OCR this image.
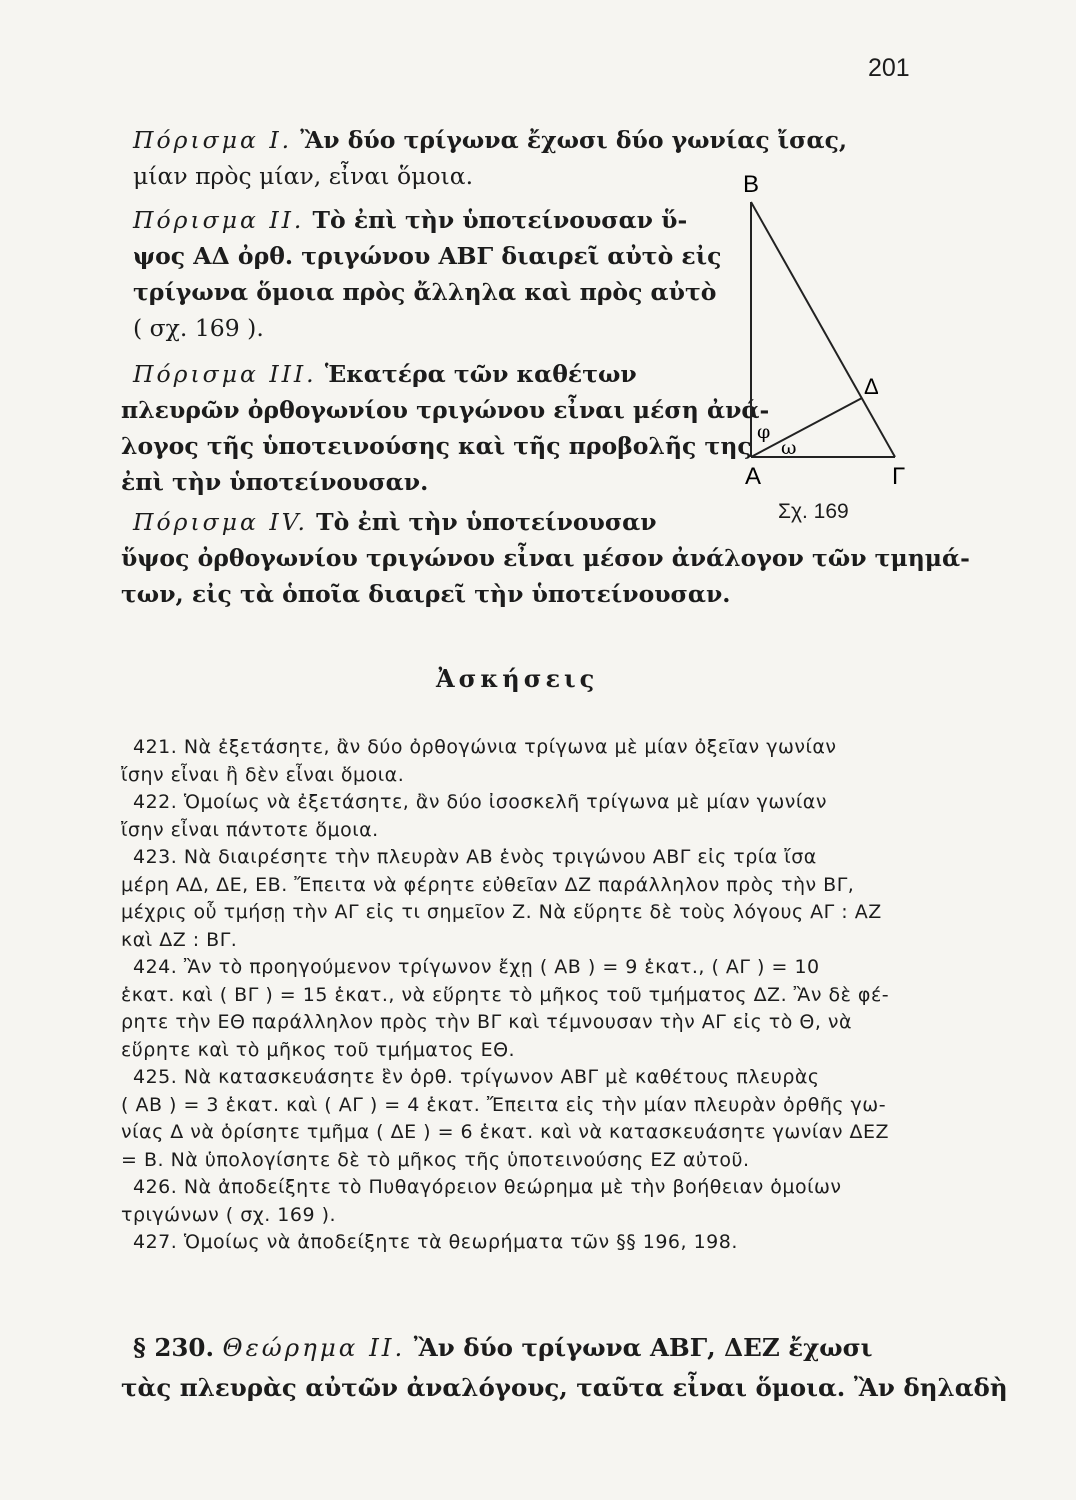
201
Πόρισμα I. Ἂν δύο τρίγωνα ἔχωσι δύο γωνίας ἴσας,
μίαν πρὸς μίαν, εἶναι ὅμοια.
Πόρισμα II. Τὸ ἐπὶ τὴν ὑποτείνουσαν ὕ-
ψος ΑΔ ὀρθ. τριγώνου ΑΒΓ διαιρεῖ αὐτὸ εἰς
τρίγωνα ὅμοια πρὸς ἄλληλα καὶ πρὸς αὐτὸ
( σχ. 169 ).
Πόρισμα III. Ἑκατέρα τῶν καθέτων
πλευρῶν ὀρθογωνίου τριγώνου εἶναι μέση ἀνά-
λογος τῆς ὑποτεινούσης καὶ τῆς προβολῆς της
ἐπὶ τὴν ὑποτείνουσαν.
Πόρισμα IV. Τὸ ἐπὶ τὴν ὑποτείνουσαν
ὕψος ὀρθογωνίου τριγώνου εἶναι μέσον ἀνάλογον τῶν τμημά-
των, εἰς τὰ ὁποῖα διαιρεῖ τὴν ὑποτείνουσαν.
Β
Δ
φ
ω
Α	Γ
Σχ. 169
Ἀσκήσεις
421. Νὰ ἐξετάσητε, ἂν δύο ὀρθογώνια τρίγωνα μὲ μίαν ὀξεῖαν γωνίαν
ἴσην εἶναι ἢ δὲν εἶναι ὅμοια.
422. Ὁμοίως νὰ ἐξετάσητε, ἂν δύο ἰσοσκελῆ τρίγωνα μὲ μίαν γωνίαν
ἴσην εἶναι πάντοτε ὅμοια.
423. Νὰ διαιρέσητε τὴν πλευρὰν ΑΒ ἑνὸς τριγώνου ΑΒΓ εἰς τρία ἴσα
μέρη ΑΔ, ΔΕ, ΕΒ. Ἔπειτα νὰ φέρητε εὐθεῖαν ΔΖ παράλληλον πρὸς τὴν ΒΓ,
μέχρις οὗ τμήσῃ τὴν ΑΓ εἰς τι σημεῖον Ζ. Νὰ εὕρητε δὲ τοὺς λόγους ΑΓ : ΑΖ
καὶ ΔΖ : ΒΓ.
424. Ἂν τὸ προηγούμενον τρίγωνον ἔχῃ ( ΑΒ ) = 9 ἑκατ., ( ΑΓ ) = 10
ἑκατ. καὶ ( ΒΓ ) = 15 ἑκατ., νὰ εὕρητε τὸ μῆκος τοῦ τμήματος ΔΖ. Ἂν δὲ φέ-
ρητε τὴν ΕΘ παράλληλον πρὸς τὴν ΒΓ καὶ τέμνουσαν τὴν ΑΓ εἰς τὸ Θ, νὰ
εὕρητε καὶ τὸ μῆκος τοῦ τμήματος ΕΘ.
425. Νὰ κατασκευάσητε ἓν ὀρθ. τρίγωνον ΑΒΓ μὲ καθέτους πλευρὰς
( ΑΒ ) = 3 ἑκατ. καὶ ( ΑΓ ) = 4 ἑκατ. Ἔπειτα εἰς τὴν μίαν πλευρὰν ὀρθῆς γω-
νίας Δ νὰ ὁρίσητε τμῆμα ( ΔΕ ) = 6 ἑκατ. καὶ νὰ κατασκευάσητε γωνίαν ΔΕΖ
= Β. Νὰ ὑπολογίσητε δὲ τὸ μῆκος τῆς ὑποτεινούσης ΕΖ αὐτοῦ.
426. Νὰ ἀποδείξητε τὸ Πυθαγόρειον θεώρημα μὲ τὴν βοήθειαν ὁμοίων
τριγώνων ( σχ. 169 ).
427. Ὁμοίως νὰ ἀποδείξητε τὰ θεωρήματα τῶν §§ 196, 198.
§ 230. Θεώρημα II. Ἂν δύο τρίγωνα ΑΒΓ, ΔΕΖ ἔχωσι
τὰς πλευρὰς αὐτῶν ἀναλόγους, ταῦτα εἶναι ὅμοια. Ἂν δηλαδὴ
